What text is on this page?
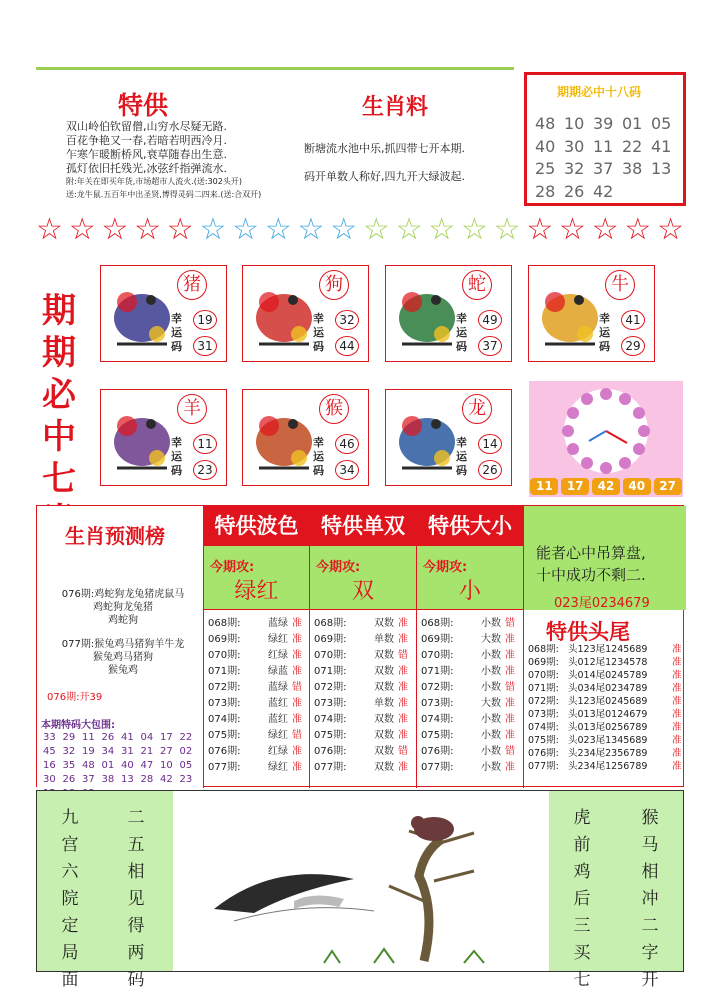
特供
双山岭伯钦留僧,山穷水尽疑无路.
百花争艳又一春,若暗若明西冷月.
乍寒乍暖断桥风,衰草随春出生意.
孤灯依旧托残光,冰弦纤指弹流水.
附:年关在即买年货,市场超市人流火.(送:302头开)
送:龙牛鼠.五百年中出圣贤,博得灵码二四来.(送:合双开)
生肖料
断塘流水池中乐,抓四带七开本期.
码开单数人称好,四九开大绿波起.
期期必中十八码
48 10 39 01 05
40 30 11 22 41
25 32 37 38 13
28 26 42
☆ ☆ ☆ ☆ ☆ ☆ ☆ ☆ ☆ ☆ ☆ ☆ ☆ ☆ ☆ ☆ ☆ ☆ ☆ ☆
期
期
必
中
七
猪
幸
运
码
19
31
狗
幸
运
码
32
44
蛇
幸
运
码
49
37
牛
幸
运
码
41
29
羊
幸
运
码
11
23
猴
幸
运
码
46
34
龙
幸
运
码
14
26
11	17	42	40	27
生肖预测榜
076期:鸡蛇狗龙兔猪虎鼠马
鸡蛇狗龙兔猪
鸡蛇狗
077期:猴兔鸡马猪狗羊牛龙
猴兔鸡马猪狗
猴兔鸡
076期:开39
本期特码大包围:
33 29 11 26 41 04 17 22
45 32 19 34 31 21 27 02
16 35 48 01 40 47 10 05
30 26 37 38 13 28 42 23
特供波色
今期攻:
绿红
068期:	蓝绿 准
069期:	绿红 准
070期:	红绿 准
071期:	绿蓝 准
072期:	蓝绿 错
073期:	蓝红 准
074期:	蓝红 准
075期:	绿红 错
076期:	红绿 准
077期:	绿红 准
特供单双
今期攻:
双
068期:	双数 准
069期:	单数 准
070期:	双数 错
071期:	双数 准
072期:	双数 准
073期:	单数 准
074期:	双数 准
075期:	双数 准
076期:	双数 错
077期:	双数 准
特供大小
今期攻:
小
068期:	小数 错
069期:	大数 准
070期:	小数 准
071期:	小数 准
072期:	小数 错
073期:	大数 准
074期:	小数 准
075期:	小数 准
076期:	小数 错
077期:	小数 准
能者心中吊算盘,
十中成功不剩二.
023尾0234679
特供头尾
068期: 头123尾1245689	准
069期: 头012尾1234578	准
070期: 头014尾0245789	准
071期: 头034尾0234789	准
072期: 头123尾0245689	准
073期: 头013尾0124679	准
074期: 头013尾0256789	准
075期: 头023尾1345689	准
076期: 头234尾2356789	准
077期: 头234尾1256789	准
九
宫
六
院
定
局
面
二
五
相
见
得
两
码
虎
前
鸡
后
三
买
七
猴
马
相
冲
二
字
开
